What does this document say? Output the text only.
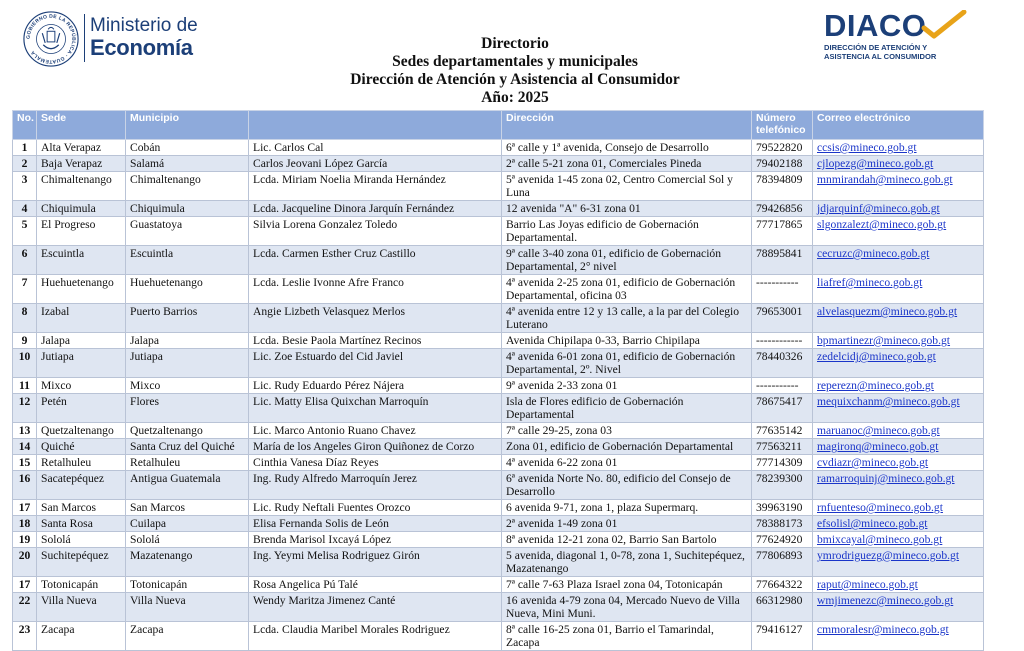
GOBIERNO DE LA REPÚBLICA · GUATEMALA
Ministerio de
Economía
DIACO
DIRECCIÓN DE ATENCIÓN Y
ASISTENCIA AL CONSUMIDOR
Directorio
Sedes departamentales y municipales
Dirección de Atención y Asistencia al Consumidor
Año: 2025
No.	Sede	Municipio		Dirección	Número telefónico	Correo electrónico
1	Alta Verapaz	Cobán	Lic. Carlos Cal	6ª calle y 1ª avenida, Consejo de Desarrollo	79522820	ccsis@mineco.gob.gt
2	Baja Verapaz	Salamá	Carlos Jeovani López García	2ª calle 5-21 zona 01, Comerciales Pineda	79402188	cjlopezg@mineco.gob.gt
3	Chimaltenango	Chimaltenango	Lcda. Miriam Noelia Miranda Hernández	5ª avenida 1-45 zona 02, Centro Comercial Sol y Luna	78394809	mnmirandah@mineco.gob.gt
4	Chiquimula	Chiquimula	Lcda. Jacqueline Dinora Jarquín Fernández	12 avenida "A" 6-31 zona 01	79426856	jdjarquinf@mineco.gob.gt
5	El Progreso	Guastatoya	Silvia Lorena Gonzalez Toledo	Barrio Las Joyas edificio de Gobernación Departamental.	77717865	slgonzalezt@mineco.gob.gt
6	Escuintla	Escuintla	Lcda. Carmen Esther Cruz Castillo	9ª calle 3-40 zona 01, edificio de Gobernación Departamental, 2° nivel	78895841	cecruzc@mineco.gob.gt
7	Huehuetenango	Huehuetenango	Lcda. Leslie Ivonne Afre Franco	4ª avenida 2-25 zona 01, edificio de Gobernación Departamental, oficina 03	-----------	liafref@mineco.gob.gt
8	Izabal	Puerto Barrios	Angie Lizbeth Velasquez Merlos	4ª avenida entre 12 y 13 calle, a la par del Colegio Luterano	79653001	alvelasquezm@mineco.gob.gt
9	Jalapa	Jalapa	Lcda. Besie Paola Martínez Recinos	Avenida Chipilapa 0-33, Barrio Chipilapa	------------	bpmartinezr@mineco.gob.gt
10	Jutiapa	Jutiapa	Lic. Zoe Estuardo del Cid Javiel	4ª avenida 6-01 zona 01, edificio de Gobernación Departamental, 2º. Nivel	78440326	zedelcidj@mineco.gob.gt
11	Mixco	Mixco	Lic. Rudy Eduardo Pérez Nájera	9ª avenida 2-33 zona 01	-----------	reperezn@mineco.gob.gt
12	Petén	Flores	Lic. Matty Elisa Quixchan Marroquín	Isla de Flores edificio de Gobernación Departamental	78675417	mequixchanm@mineco.gob.gt
13	Quetzaltenango	Quetzaltenango	Lic. Marco Antonio Ruano Chavez	7ª calle 29-25, zona 03	77635142	maruanoc@mineco.gob.gt
14	Quiché	Santa Cruz del Quiché	María de los Angeles Giron Quiñonez de Corzo	Zona 01, edificio de Gobernación Departamental	77563211	magironq@mineco.gob.gt
15	Retalhuleu	Retalhuleu	Cinthia Vanesa Díaz Reyes	4ª avenida 6-22 zona 01	77714309	cvdiazr@mineco.gob.gt
16	Sacatepéquez	Antigua Guatemala	Ing. Rudy Alfredo Marroquín Jerez	6ª avenida Norte No. 80, edificio del Consejo de Desarrollo	78239300	ramarroquinj@mineco.gob.gt
17	San Marcos	San Marcos	Lic. Rudy Neftali Fuentes Orozco	6 avenida 9-71, zona 1, plaza Supermarq.	39963190	rnfuenteso@mineco.gob.gt
18	Santa Rosa	Cuilapa	Elisa Fernanda Solis de León	2ª avenida 1-49 zona 01	78388173	efsolisl@mineco.gob.gt
19	Sololá	Sololá	Brenda Marisol Ixcayá López	8ª avenida 12-21 zona 02, Barrio San Bartolo	77624920	bmixcayal@mineco.gob.gt
20	Suchitepéquez	Mazatenango	Ing. Yeymi Melisa Rodriguez Girón	5 avenida, diagonal 1, 0-78, zona 1, Suchitepéquez, Mazatenango	77806893	ymrodriguezg@mineco.gob.gt
17	Totonicapán	Totonicapán	Rosa Angelica Pú Talé	7ª calle 7-63 Plaza Israel zona 04, Totonicapán	77664322	raput@mineco.gob.gt
22	Villa Nueva	Villa Nueva	Wendy Maritza Jimenez Canté	16 avenida 4-79 zona 04, Mercado Nuevo de Villa Nueva, Mini Muni.	66312980	wmjimenezc@mineco.gob.gt
23	Zacapa	Zacapa	Lcda. Claudia Maribel Morales Rodriguez	8ª calle 16-25 zona 01, Barrio el Tamarindal, Zacapa	79416127	cmmoralesr@mineco.gob.gt
